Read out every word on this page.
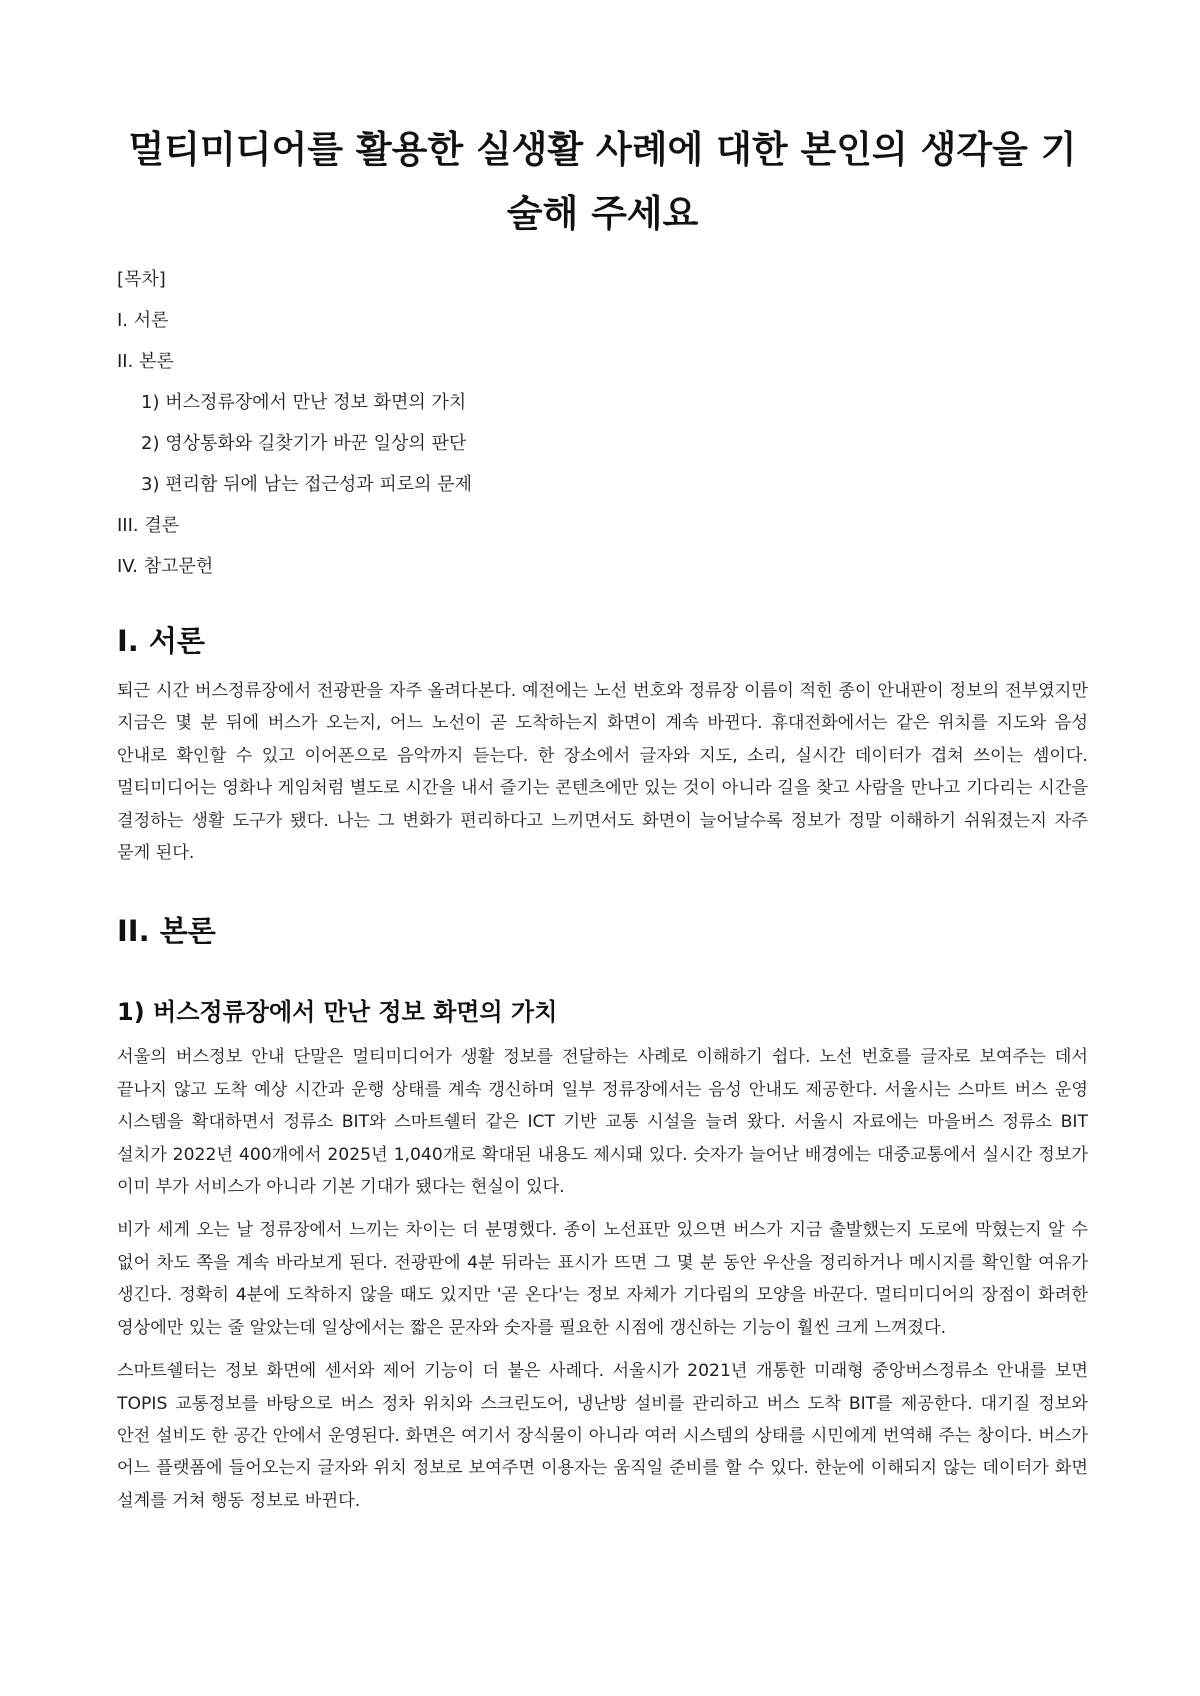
멀티미디어를 활용한 실생활 사례에 대한 본인의 생각을 기술해 주세요
[목차]
I. 서론
II. 본론
1) 버스정류장에서 만난 정보 화면의 가치
2) 영상통화와 길찾기가 바꾼 일상의 판단
3) 편리함 뒤에 남는 접근성과 피로의 문제
III. 결론
IV. 참고문헌
I. 서론

퇴근 시간 버스정류장에서 전광판을 자주 올려다본다. 예전에는 노선 번호와 정류장 이름이 적힌 종이 안내판이 정보의 전부였지만 지금은 몇 분 뒤에 버스가 오는지, 어느 노선이 곧 도착하는지 화면이 계속 바뀐다. 휴대전화에서는 같은 위치를 지도와 음성 안내로 확인할 수 있고 이어폰으로 음악까지 듣는다. 한 장소에서 글자와 지도, 소리, 실시간 데이터가 겹쳐 쓰이는 셈이다. 멀티미디어는 영화나 게임처럼 별도로 시간을 내서 즐기는 콘텐츠에만 있는 것이 아니라 길을 찾고 사람을 만나고 기다리는 시간을 결정하는 생활 도구가 됐다. 나는 그 변화가 편리하다고 느끼면서도 화면이 늘어날수록 정보가 정말 이해하기 쉬워졌는지 자주 묻게 된다.

II. 본론
1) 버스정류장에서 만난 정보 화면의 가치

서울의 버스정보 안내 단말은 멀티미디어가 생활 정보를 전달하는 사례로 이해하기 쉽다. 노선 번호를 글자로 보여주는 데서 끝나지 않고 도착 예상 시간과 운행 상태를 계속 갱신하며 일부 정류장에서는 음성 안내도 제공한다. 서울시는 스마트 버스 운영 시스템을 확대하면서 정류소 BIT와 스마트쉘터 같은 ICT 기반 교통 시설을 늘려 왔다. 서울시 자료에는 마을버스 정류소 BIT 설치가 2022년 400개에서 2025년 1,040개로 확대된 내용도 제시돼 있다. 숫자가 늘어난 배경에는 대중교통에서 실시간 정보가 이미 부가 서비스가 아니라 기본 기대가 됐다는 현실이 있다.

비가 세게 오는 날 정류장에서 느끼는 차이는 더 분명했다. 종이 노선표만 있으면 버스가 지금 출발했는지 도로에 막혔는지 알 수 없어 차도 쪽을 계속 바라보게 된다. 전광판에 4분 뒤라는 표시가 뜨면 그 몇 분 동안 우산을 정리하거나 메시지를 확인할 여유가 생긴다. 정확히 4분에 도착하지 않을 때도 있지만 '곧 온다'는 정보 자체가 기다림의 모양을 바꾼다. 멀티미디어의 장점이 화려한 영상에만 있는 줄 알았는데 일상에서는 짧은 문자와 숫자를 필요한 시점에 갱신하는 기능이 훨씬 크게 느껴졌다.

스마트쉘터는 정보 화면에 센서와 제어 기능이 더 붙은 사례다. 서울시가 2021년 개통한 미래형 중앙버스정류소 안내를 보면 TOPIS 교통정보를 바탕으로 버스 정차 위치와 스크린도어, 냉난방 설비를 관리하고 버스 도착 BIT를 제공한다. 대기질 정보와 안전 설비도 한 공간 안에서 운영된다. 화면은 여기서 장식물이 아니라 여러 시스템의 상태를 시민에게 번역해 주는 창이다. 버스가 어느 플랫폼에 들어오는지 글자와 위치 정보로 보여주면 이용자는 움직일 준비를 할 수 있다. 한눈에 이해되지 않는 데이터가 화면 설계를 거쳐 행동 정보로 바뀐다.
